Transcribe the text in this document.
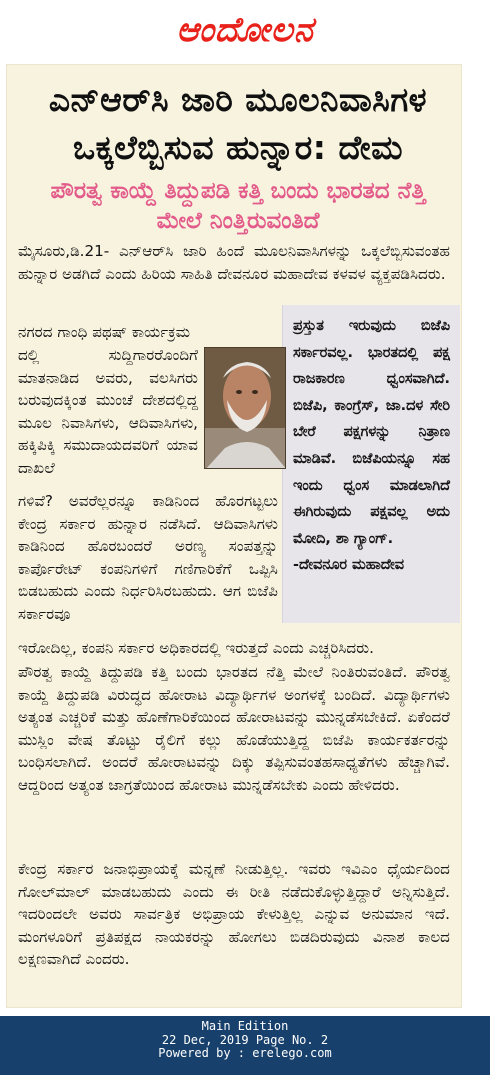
ಆಂದೋಲನ
ಎನ್‌ಆರ್‌ಸಿ ಜಾರಿ ಮೂಲನಿವಾಸಿಗಳ
ಒಕ್ಕಲೆಬ್ಬಿಸುವ ಹುನ್ನಾರ: ದೇಮ
ಪೌರತ್ವ ಕಾಯ್ದೆ ತಿದ್ದುಪಡಿ ಕತ್ತಿ ಬಂದು ಭಾರತದ ನೆತ್ತಿ
ಮೇಲೆ ನಿಂತ್ತಿರುವಂತಿದೆ
ಮೈಸೂರು,ಡಿ.21- ಎನ್‌ಆರ್‌ಸಿ ಜಾರಿ ಹಿಂದೆ ಮೂಲನಿವಾಸಿಗಳನ್ನು ಒಕ್ಕಲೆಬ್ಬಿಸುವಂತಹ ಹುನ್ನಾರ ಅಡಗಿದೆ ಎಂದು ಹಿರಿಯ ಸಾಹಿತಿ ದೇವನೂರ ಮಹಾದೇವ ಕಳವಳ ವ್ಯಕ್ತಪಡಿಸಿದರು.
ನಗರದ ಗಾಂಧಿ ಪಥಷ್ ಕಾರ್ಯಕ್ರಮ
ದಲ್ಲಿ ಸುದ್ದಿಗಾರರೊಂದಿಗೆ ಮಾತನಾಡಿದ ಅವರು, ವಲಸಿಗರು ಬರುವುದಕ್ಕಿಂತ ಮುಂಚೆ ದೇಶದಲ್ಲಿದ್ದ ಮೂಲ ನಿವಾಸಿಗಳು, ಆದಿವಾಸಿಗಳು, ಹಕ್ಕಿಪಿಕ್ಕಿ ಸಮುದಾಯದವರಿಗೆ ಯಾವ ದಾಖಲೆ
ಗಳಿವೆ? ಅವರೆಲ್ಲರನ್ನೂ ಕಾಡಿನಿಂದ ಹೊರಗಟ್ಟಲು ಕೇಂದ್ರ ಸರ್ಕಾರ ಹುನ್ನಾರ ನಡೆಸಿದೆ. ಆದಿವಾಸಿಗಳು ಕಾಡಿನಿಂದ ಹೊರಬಂದರೆ ಅರಣ್ಯ ಸಂಪತ್ತನ್ನು ಕಾರ್ಪೊರೇಟ್ ಕಂಪನಿಗಳಿಗೆ ಗಣಿಗಾರಿಕೆಗೆ ಒಪ್ಪಿಸಿ ಬಿಡಬಹುದು ಎಂದು ನಿರ್ಧರಿಸಿರಬಹುದು. ಆಗ ಬಿಜೆಪಿ ಸರ್ಕಾರವೂ
ಇರೋದಿಲ್ಲ, ಕಂಪನಿ ಸರ್ಕಾರ ಅಧಿಕಾರದಲ್ಲಿ ಇರುತ್ತದೆ ಎಂದು ಎಚ್ಚರಿಸಿದರು.
ಪೌರತ್ವ ಕಾಯ್ದೆ ತಿದ್ದುಪಡಿ ಕತ್ತಿ ಬಂದು ಭಾರತದ ನೆತ್ತಿ ಮೇಲೆ ನಿಂತಿರುವಂತಿದೆ. ಪೌರತ್ವ ಕಾಯ್ದೆ ತಿದ್ದುಪಡಿ ವಿರುದ್ಧದ ಹೋರಾಟ ವಿದ್ಯಾರ್ಥಿಗಳ ಅಂಗಳಕ್ಕೆ ಬಂದಿದೆ. ವಿದ್ಯಾರ್ಥಿಗಳು ಅತ್ಯಂತ ಎಚ್ಚರಿಕೆ ಮತ್ತು ಹೊಣೆಗಾರಿಕೆಯಿಂದ ಹೋರಾಟವನ್ನು ಮುನ್ನಡೆಸಬೇಕಿದೆ. ಏಕೆಂದರೆ ಮುಸ್ಲಿಂ ವೇಷ ತೊಟ್ಟು ರೈಲಿಗೆ ಕಲ್ಲು ಹೊಡೆಯುತ್ತಿದ್ದ ಬಿಜೆಪಿ ಕಾರ್ಯಕರ್ತರನ್ನು ಬಂಧಿಸಲಾಗಿದೆ. ಅಂದರೆ ಹೋರಾಟವನ್ನು ದಿಕ್ಕು ತಪ್ಪಿಸುವಂತಹಸಾಧ್ಯತೆಗಳು ಹೆಚ್ಚಾಗಿವೆ. ಆದ್ದರಿಂದ ಅತ್ಯಂತ ಜಾಗ್ರತೆಯಿಂದ ಹೋರಾಟ ಮುನ್ನಡೆಸಬೇಕು ಎಂದು ಹೇಳಿದರು.
ಕೇಂದ್ರ ಸರ್ಕಾರ ಜನಾಭಿಪ್ರಾಯಕ್ಕೆ ಮನ್ನಣೆ ನೀಡುತ್ತಿಲ್ಲ. ಇವರು ಇವಿಎಂ ಧೈರ್ಯದಿಂದ ಗೋಲ್‌ಮಾಲ್ ಮಾಡಬಹುದು ಎಂದು ಈ ರೀತಿ ನಡೆದುಕೊಳ್ಳುತ್ತಿದ್ದಾರೆ ಅನ್ನಿಸುತ್ತಿದೆ. ಇದರಿಂದಲೇ ಅವರು ಸಾರ್ವತ್ರಿಕ ಅಭಿಪ್ರಾಯ ಕೇಳುತ್ತಿಲ್ಲ ಎನ್ನುವ ಅನುಮಾನ ಇದೆ. ಮಂಗಳೂರಿಗೆ ಪ್ರತಿಪಕ್ಷದ ನಾಯಕರನ್ನು ಹೋಗಲು ಬಿಡದಿರುವುದು ವಿನಾಶ ಕಾಲದ ಲಕ್ಷಣವಾಗಿದೆ ಎಂದರು.

ಪ್ರಸ್ತುತ ಇರುವುದು ಬಿಜೆಪಿ ಸರ್ಕಾರವಲ್ಲ. ಭಾರತದಲ್ಲಿ ಪಕ್ಷ ರಾಜಕಾರಣ ಧ್ವಂಸವಾಗಿದೆ. ಬಿಜೆಪಿ, ಕಾಂಗ್ರೆಸ್, ಜಾ.ದಳ ಸೇರಿ ಬೇರೆ ಪಕ್ಷಗಳನ್ನು ನಿತ್ರಾಣ ಮಾಡಿವೆ. ಬಿಜೆಪಿಯನ್ನೂ ಸಹ ಇಂದು ಧ್ವಂಸ ಮಾಡಲಾಗಿದೆ ಈಗಿರುವುದು ಪಕ್ಷವಲ್ಲ ಅದು ಮೋದಿ, ಶಾ ಗ್ಯಾಂಗ್.

-ದೇವನೂರ ಮಹಾದೇವ

Main Edition
22 Dec, 2019 Page No. 2
Powered by : erelego.com
